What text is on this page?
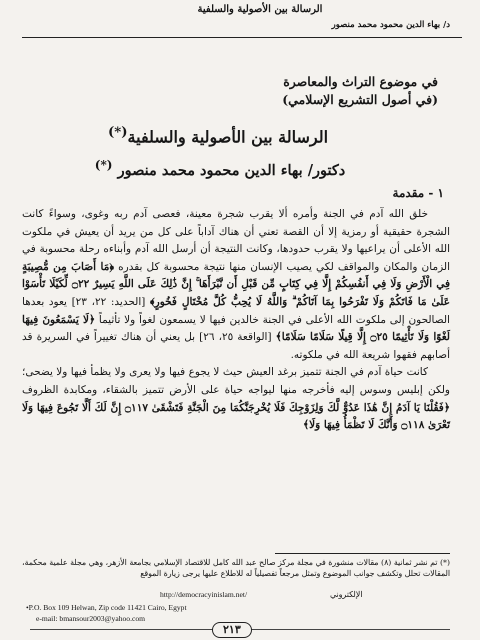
الرسالة بين الأصولية والسلفية
د/ بهاء الدين محمود محمد منصور
في موضوع التراث والمعاصرة
(في أصول التشريع الإسلامي)
الرسالة بين الأصولية والسلفية(*)
دكتور/ بهاء الدين محمود محمد منصور (*)
١ - مقدمة

خلق الله آدم في الجنة وأمره ألا يقرب شجرة معينة، فعصى آدم ربه وغوى، وسواءً كانت الشجرة حقيقية أو رمزية إلا أن القصة تعني أن هناك آداباً على كل من يريد أن يعيش في ملكوت الله الأعلى أن يراعيها ولا يقرب حدودها، وكانت النتيجة أن أرسل الله آدم وأبناءه رحلة محسوبة في الزمان والمكان والمواقف لكي يصيب الإنسان منها نتيجة محسوبة كل بقدره ﴿مَا أَصَابَ مِن مُّصِيبَةٍ فِي الْأَرْضِ وَلَا فِي أَنفُسِكُمْ إِلَّا فِي كِتَابٍ مِّن قَبْلِ أَن نَّبْرَأَهَا ۚ إِنَّ ذَٰلِكَ عَلَى اللَّهِ يَسِيرٌ ۝٢٢ لِّكَيْلَا تَأْسَوْا عَلَىٰ مَا فَاتَكُمْ وَلَا تَفْرَحُوا بِمَا آتَاكُمْ ۗ وَاللَّهُ لَا يُحِبُّ كُلَّ مُخْتَالٍ فَخُورٍ﴾ [الحديد: ٢٢، ٢٣] يعود بعدها الصالحون إلى ملكوت الله الأعلى في الجنة خالدين فيها لا يسمعون لغواً ولا تأثيماً ﴿لَا يَسْمَعُونَ فِيهَا لَغْوًا وَلَا تَأْثِيمًا ۝٢٥ إِلَّا قِيلًا سَلَامًا سَلَامًا﴾ [الواقعة ٢٥، ٢٦] بل يعني أن هناك تغييراً في السريرة قد أصابهم فقهوا شريعة الله في ملكوته.

كانت حياة آدم في الجنة تتميز برغد العيش حيث لا يجوع فيها ولا يعرى ولا يظمأ فيها ولا يضحى؛ ولكن إبليس وسوس إليه فأخرجه منها ليواجه حياة على الأرض تتميز بالشقاء، ومكابدة الظروف ﴿فَقُلْنَا يَا آدَمُ إِنَّ هَٰذَا عَدُوٌّ لَّكَ وَلِزَوْجِكَ فَلَا يُخْرِجَنَّكُمَا مِنَ الْجَنَّةِ فَتَشْقَىٰ ۝١١٧ إِنَّ لَكَ أَلَّا تَجُوعَ فِيهَا وَلَا تَعْرَىٰ ۝١١٨ وَأَنَّكَ لَا تَظْمَأُ فِيهَا وَلَا﴾

(*) تم نشر ثمانية (٨) مقالات منشورة في مجلة مركز صالح عبد الله كامل للاقتصاد الإسلامي بجامعة الأزهر، وهي مجلة علمية محكمة، المقالات تحلل وتكشف جوانب الموضوع وتمثل مرجعاً تفصيلياً له للاطلاع عليها يرجى زيارة الموقع
الإلكتروني
http://democracyinislam.net/
•P.O. Box 109 Helwan, Zip code 11421 Cairo, Egypt
e-mail: bmansour2003@yahoo.com
٢١٣
